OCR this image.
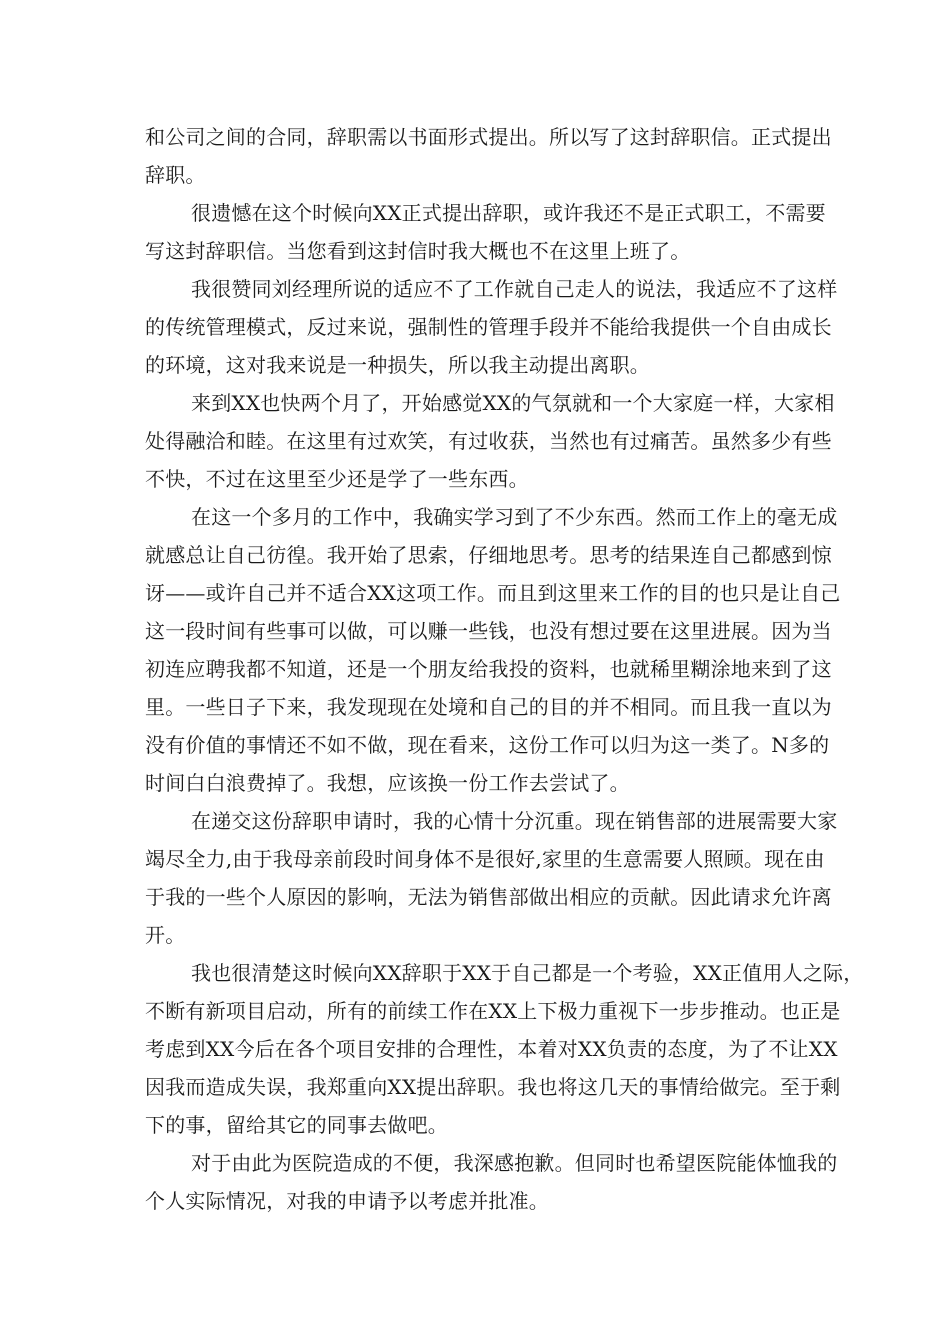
和公司之间的合同，辞职需以书面形式提出。所以写了这封辞职信。正式提出
辞职。
很遗憾在这个时候向XX正式提出辞职，或许我还不是正式职工，不需要
写这封辞职信。当您看到这封信时我大概也不在这里上班了。
我很赞同刘经理所说的适应不了工作就自己走人的说法，我适应不了这样
的传统管理模式，反过来说，强制性的管理手段并不能给我提供一个自由成长
的环境，这对我来说是一种损失，所以我主动提出离职。
来到XX也快两个月了，开始感觉XX的气氛就和一个大家庭一样，大家相
处得融洽和睦。在这里有过欢笑，有过收获，当然也有过痛苦。虽然多少有些
不快，不过在这里至少还是学了一些东西。
在这一个多月的工作中，我确实学习到了不少东西。然而工作上的毫无成
就感总让自己彷徨。我开始了思索，仔细地思考。思考的结果连自己都感到惊
讶——或许自己并不适合XX这项工作。而且到这里来工作的目的也只是让自己
这一段时间有些事可以做，可以赚一些钱，也没有想过要在这里进展。因为当
初连应聘我都不知道，还是一个朋友给我投的资料，也就稀里糊涂地来到了这
里。一些日子下来，我发现现在处境和自己的目的并不相同。而且我一直以为
没有价值的事情还不如不做，现在看来，这份工作可以归为这一类了。N多的
时间白白浪费掉了。我想，应该换一份工作去尝试了。
在递交这份辞职申请时，我的心情十分沉重。现在销售部的进展需要大家
竭尽全力,由于我母亲前段时间身体不是很好,家里的生意需要人照顾。现在由
于我的一些个人原因的影响，无法为销售部做出相应的贡献。因此请求允许离
开。
我也很清楚这时候向XX辞职于XX于自己都是一个考验，XX正值用人之际，
不断有新项目启动，所有的前续工作在XX上下极力重视下一步步推动。也正是
考虑到XX今后在各个项目安排的合理性，本着对XX负责的态度，为了不让XX
因我而造成失误，我郑重向XX提出辞职。我也将这几天的事情给做完。至于剩
下的事，留给其它的同事去做吧。
对于由此为医院造成的不便，我深感抱歉。但同时也希望医院能体恤我的
个人实际情况，对我的申请予以考虑并批准。
